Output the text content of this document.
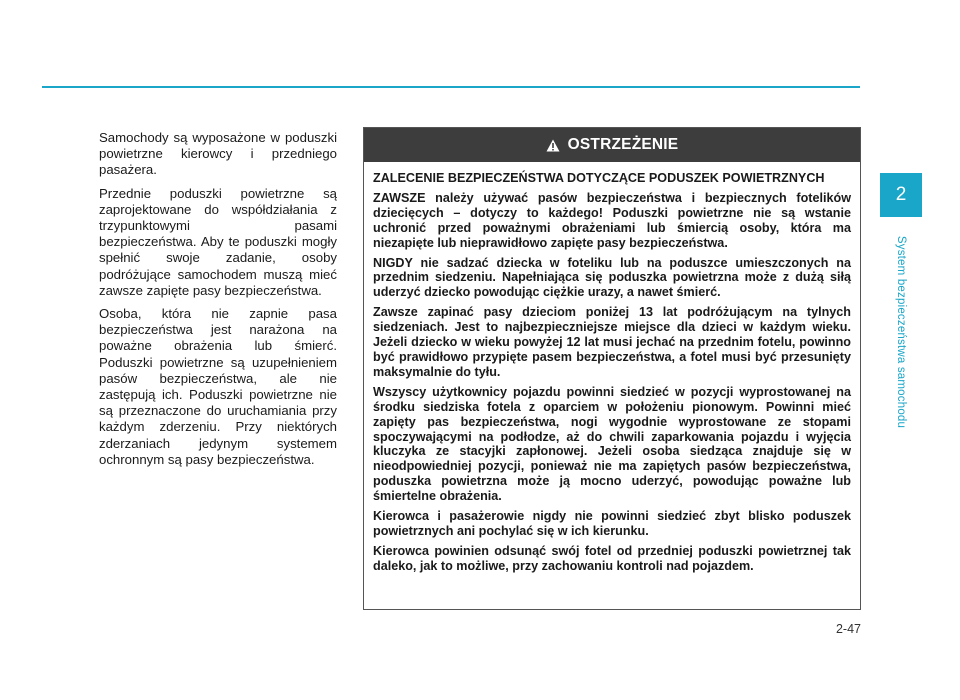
Samochody są wyposażone w poduszki powietrzne kierowcy i przedniego pasażera.

Przednie poduszki powietrzne są zaprojektowane do współdziałania z trzypunktowymi pasami bezpieczeństwa. Aby te poduszki mogły spełnić swoje zadanie, osoby podróżujące samochodem muszą mieć zawsze zapięte pasy bezpieczeństwa.

Osoba, która nie zapnie pasa bezpieczeństwa jest narażona na poważne obrażenia lub śmierć. Poduszki powietrzne są uzupełnieniem pasów bezpieczeństwa, ale nie zastępują ich. Poduszki powietrzne nie są przeznaczone do uruchamiania przy każdym zderzeniu. Przy niektórych zderzaniach jedynym systemem ochronnym są pasy bezpieczeństwa.

OSTRZEŻENIE

ZALECENIE BEZPIECZEŃSTWA DOTYCZĄCE PODUSZEK POWIETRZNYCH

ZAWSZE należy używać pasów bezpieczeństwa i bezpiecznych fotelików dziecięcych – dotyczy to każdego! Poduszki powietrzne nie są wstanie uchronić przed poważnymi obrażeniami lub śmiercią osoby, która ma niezapięte lub nieprawidłowo zapięte pasy bezpieczeństwa.

NIGDY nie sadzać dziecka w foteliku lub na poduszce umieszczonych na przednim siedzeniu. Napełniająca się poduszka powietrzna może z dużą siłą uderzyć dziecko powodując ciężkie urazy, a nawet śmierć.

Zawsze zapinać pasy dzieciom poniżej 13 lat podróżującym na tylnych siedzeniach. Jest to najbezpieczniejsze miejsce dla dzieci w każdym wieku. Jeżeli dziecko w wieku powyżej 12 lat musi jechać na przednim fotelu, powinno być prawidłowo przypięte pasem bezpieczeństwa, a fotel musi być przesunięty maksymalnie do tyłu.

Wszyscy użytkownicy pojazdu powinni siedzieć w pozycji wyprostowanej na środku siedziska fotela z oparciem w położeniu pionowym. Powinni mieć zapięty pas bezpieczeństwa, nogi wygodnie wyprostowane ze stopami spoczywającymi na podłodze, aż do chwili zaparkowania pojazdu i wyjęcia kluczyka ze stacyjki zapłonowej. Jeżeli osoba siedząca znajduje się w nieodpowiedniej pozycji, ponieważ nie ma zapiętych pasów bezpieczeństwa, poduszka powietrzna może ją mocno uderzyć, powodując poważne lub śmiertelne obrażenia.

Kierowca i pasażerowie nigdy nie powinni siedzieć zbyt blisko poduszek powietrznych ani pochylać się w ich kierunku.

Kierowca powinien odsunąć swój fotel od przedniej poduszki powietrznej tak daleko, jak to możliwe, przy zachowaniu kontroli nad pojazdem.

2
System bezpieczeństwa samochodu
2-47
